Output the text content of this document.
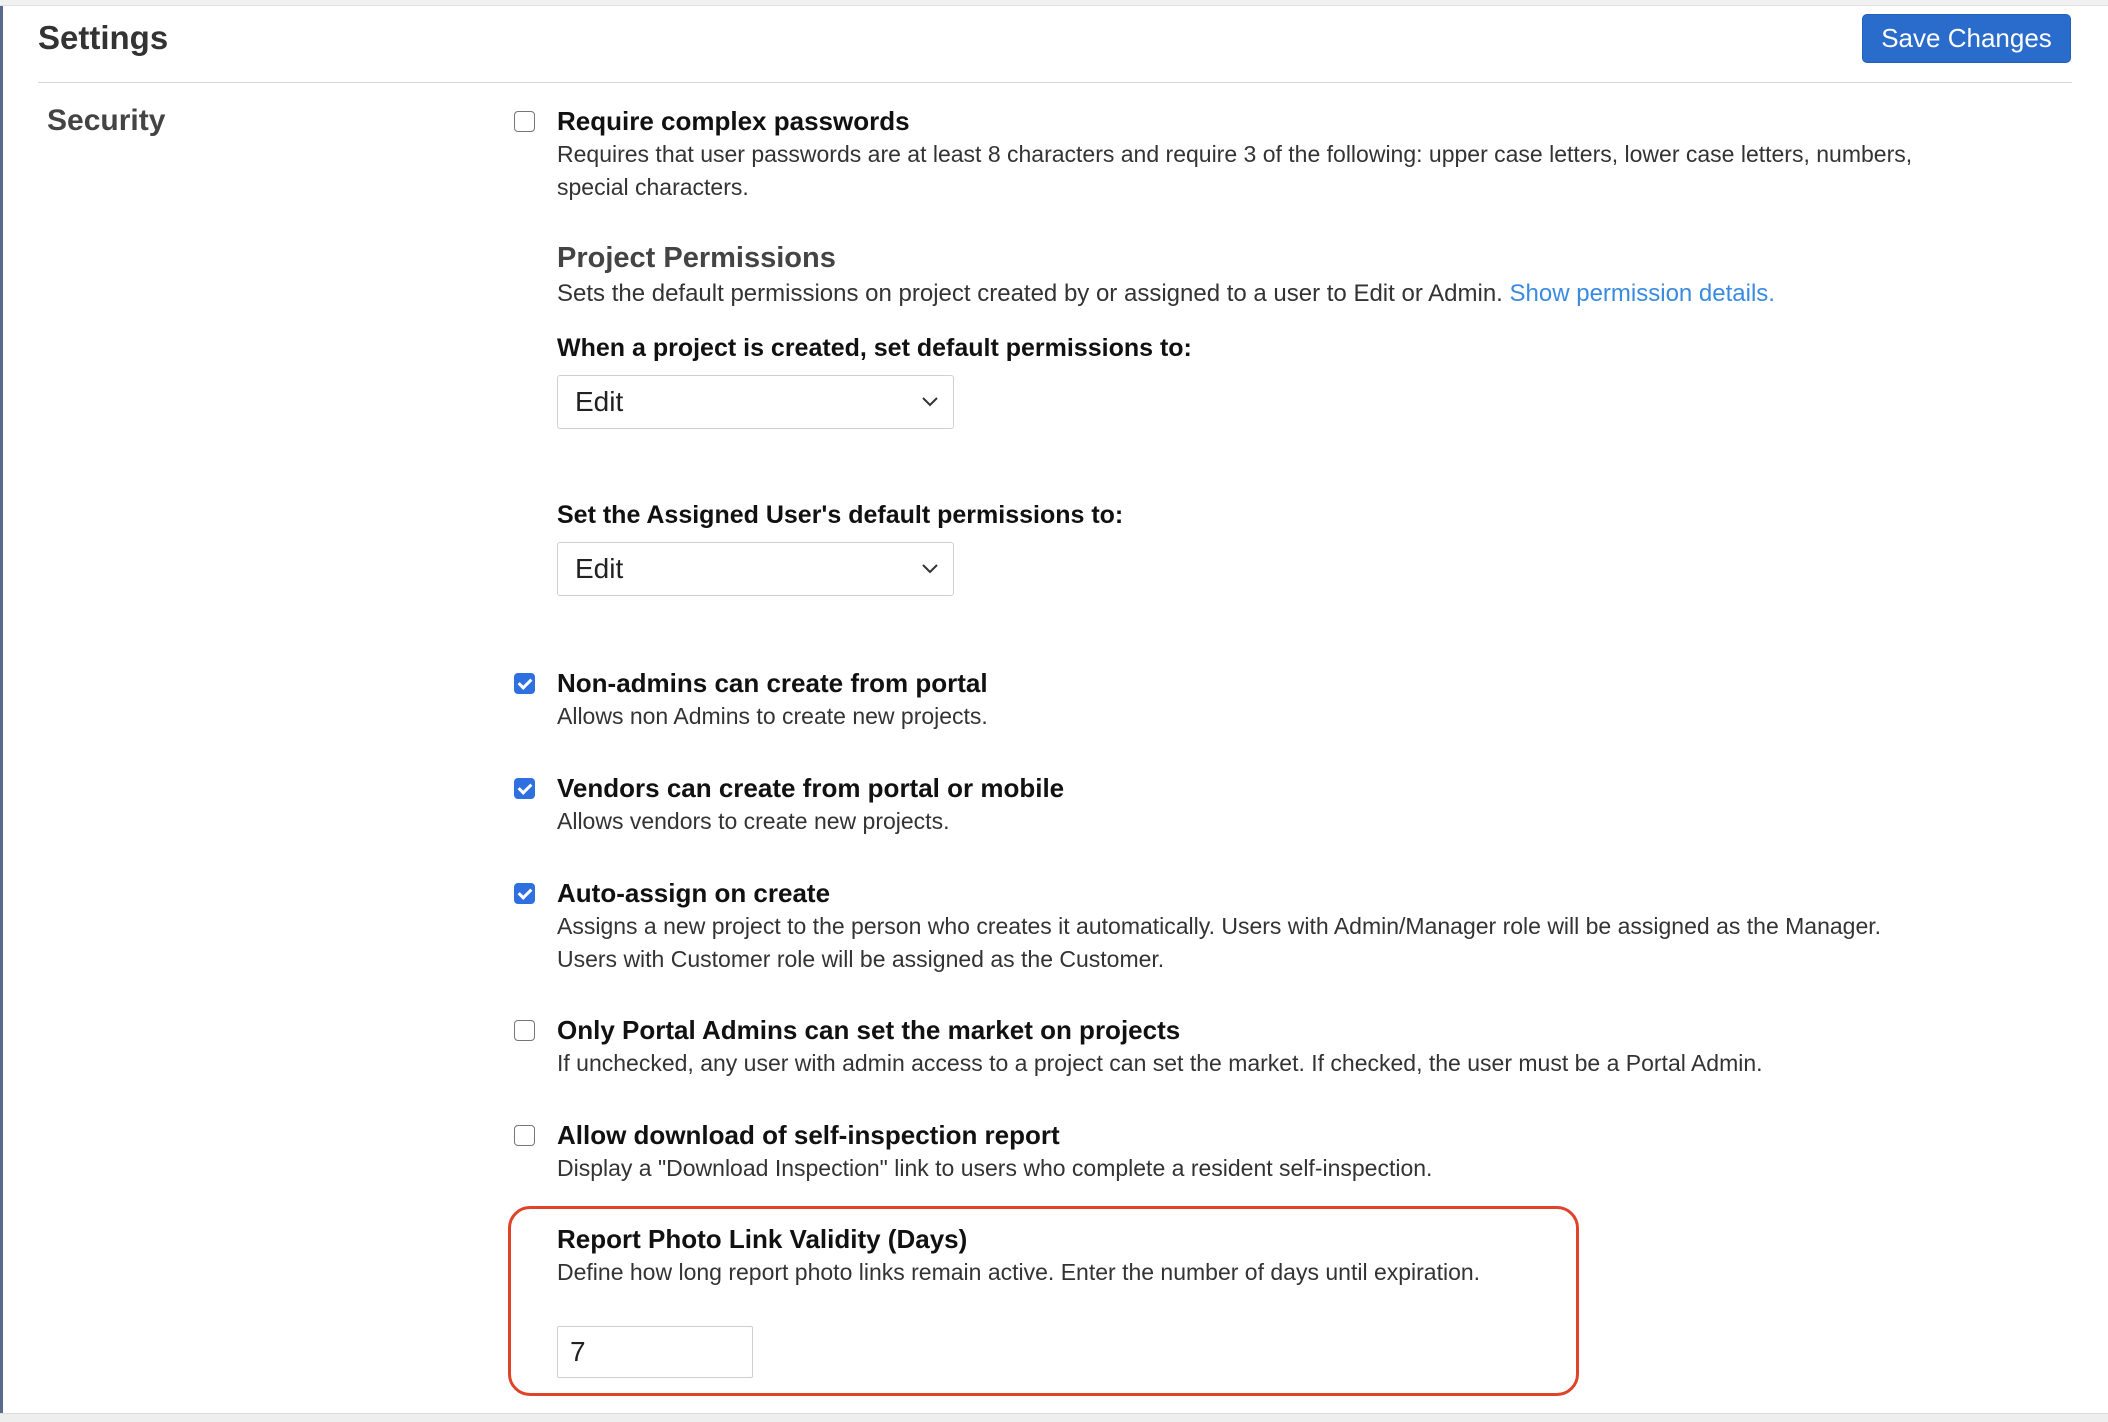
Settings	Save Changes
Security	Require complex passwords
Requires that user passwords are at least 8 characters and require 3 of the following: upper case letters, lower case letters, numbers, special characters.
Project Permissions
Sets the default permissions on project created by or assigned to a user to Edit or Admin. Show permission details.
When a project is created, set default permissions to:
Edit
Set the Assigned User's default permissions to:
Edit
Non-admins can create from portal
Allows non Admins to create new projects.
Vendors can create from portal or mobile
Allows vendors to create new projects.
Auto-assign on create
Assigns a new project to the person who creates it automatically. Users with Admin/Manager role will be assigned as the Manager. Users with Customer role will be assigned as the Customer.
Only Portal Admins can set the market on projects
If unchecked, any user with admin access to a project can set the market. If checked, the user must be a Portal Admin.
Allow download of self-inspection report
Display a "Download Inspection" link to users who complete a resident self-inspection.
Report Photo Link Validity (Days)
Define how long report photo links remain active. Enter the number of days until expiration.
7
